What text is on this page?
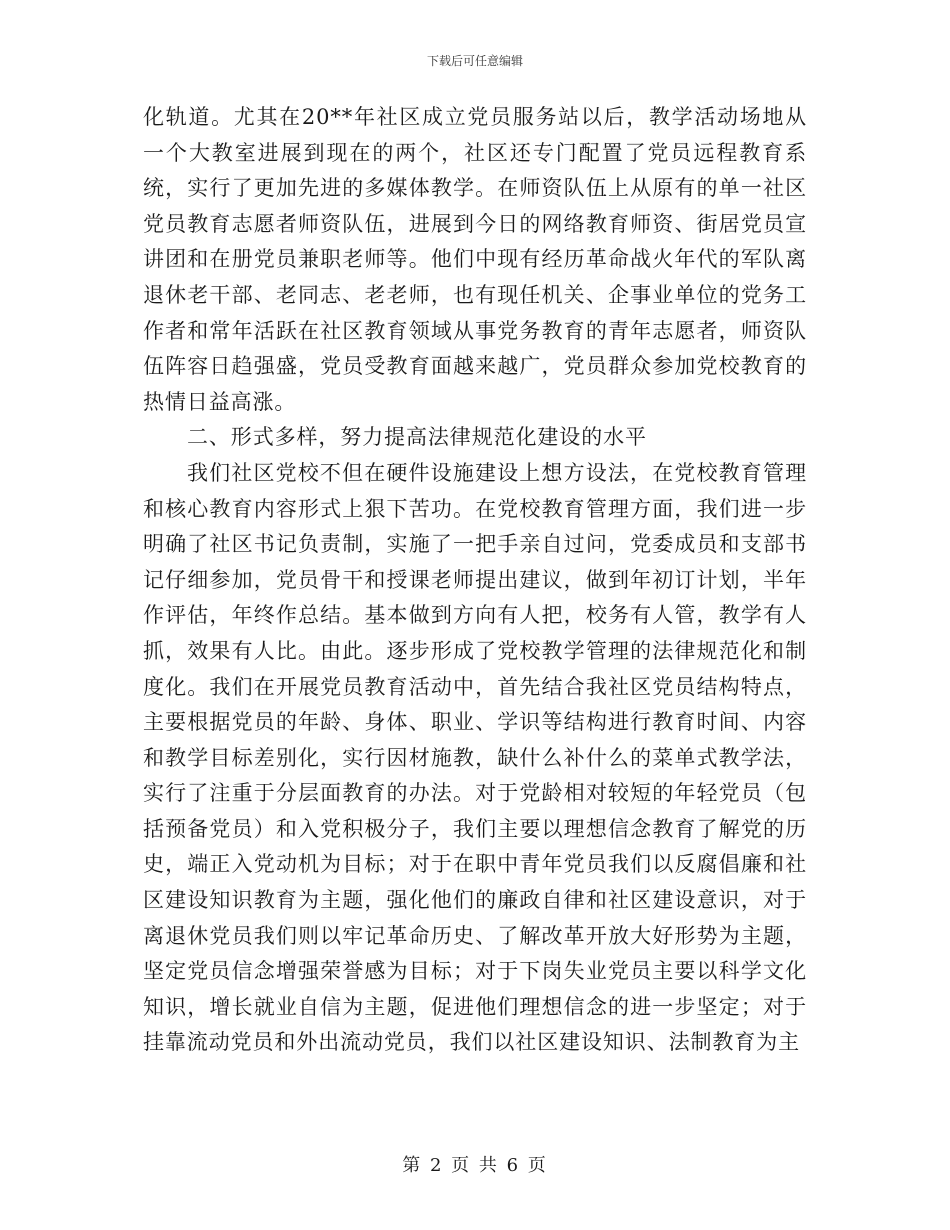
下载后可任意编辑

化轨道。尤其在20**年社区成立党员服务站以后，教学活动场地从一个大教室进展到现在的两个，社区还专门配置了党员远程教育系统，实行了更加先进的多媒体教学。在师资队伍上从原有的单一社区党员教育志愿者师资队伍，进展到今日的网络教育师资、街居党员宣讲团和在册党员兼职老师等。他们中现有经历革命战火年代的军队离退休老干部、老同志、老老师，也有现任机关、企事业单位的党务工作者和常年活跃在社区教育领域从事党务教育的青年志愿者，师资队伍阵容日趋强盛，党员受教育面越来越广，党员群众参加党校教育的热情日益高涨。

二、形式多样，努力提高法律规范化建设的水平

我们社区党校不但在硬件设施建设上想方设法，在党校教育管理和核心教育内容形式上狠下苦功。在党校教育管理方面，我们进一步明确了社区书记负责制，实施了一把手亲自过问，党委成员和支部书记仔细参加，党员骨干和授课老师提出建议，做到年初订计划，半年作评估，年终作总结。基本做到方向有人把，校务有人管，教学有人抓，效果有人比。由此。逐步形成了党校教学管理的法律规范化和制度化。我们在开展党员教育活动中，首先结合我社区党员结构特点，主要根据党员的年龄、身体、职业、学识等结构进行教育时间、内容和教学目标差别化，实行因材施教，缺什么补什么的菜单式教学法，实行了注重于分层面教育的办法。对于党龄相对较短的年轻党员（包括预备党员）和入党积极分子，我们主要以理想信念教育了解党的历史，端正入党动机为目标；对于在职中青年党员我们以反腐倡廉和社区建设知识教育为主题，强化他们的廉政自律和社区建设意识，对于离退休党员我们则以牢记革命历史、了解改革开放大好形势为主题，坚定党员信念增强荣誉感为目标；对于下岗失业党员主要以科学文化知识，增长就业自信为主题，促进他们理想信念的进一步坚定；对于挂靠流动党员和外出流动党员，我们以社区建设知识、法制教育为主

第 2 页 共 6 页
